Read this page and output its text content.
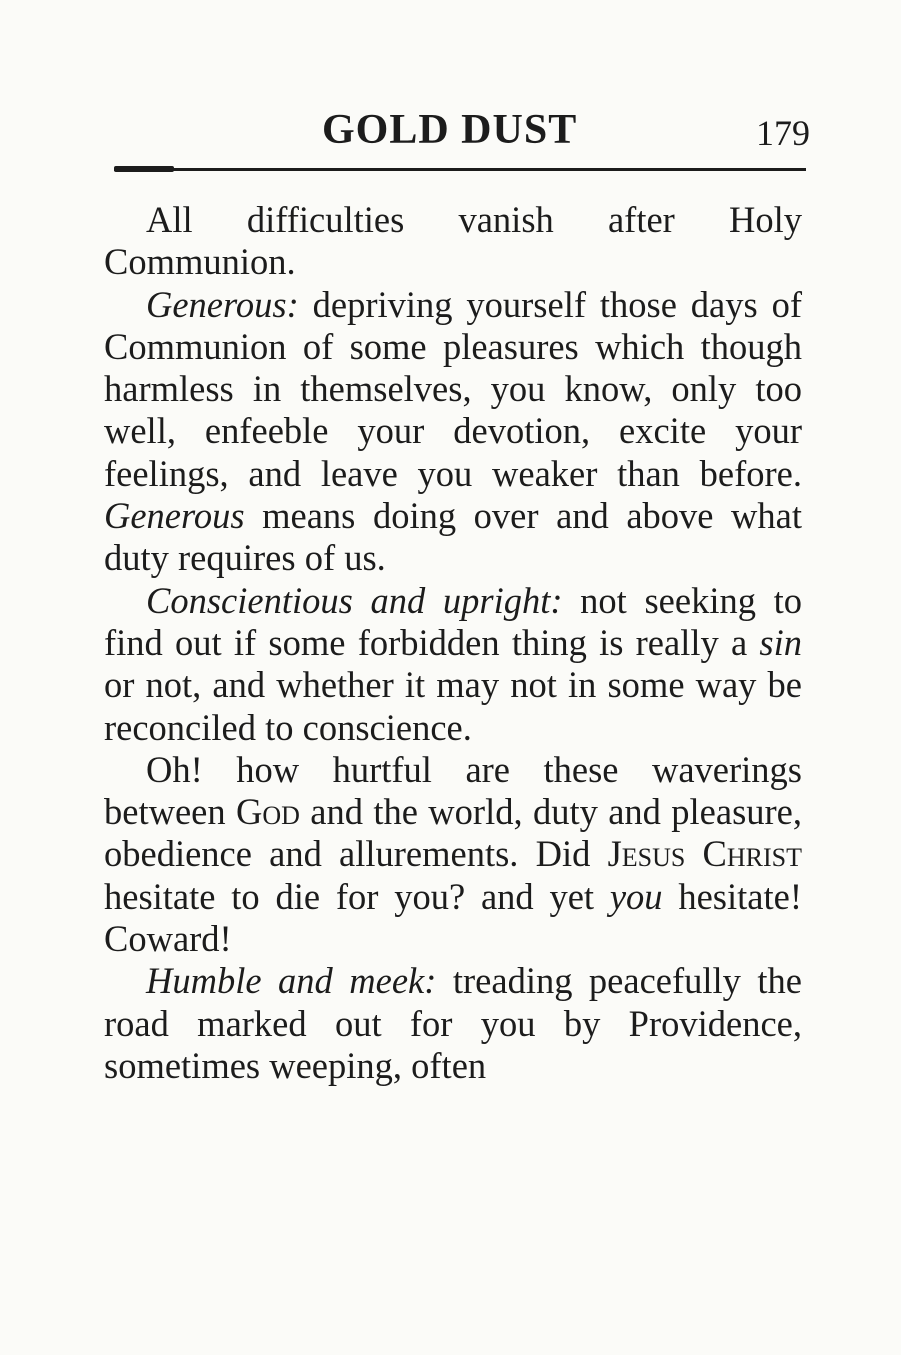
GOLD DUST	179

All difficulties vanish after Holy Communion.

Generous: depriving yourself those days of Communion of some pleasures which though harmless in themselves, you know, only too well, enfeeble your devotion, excite your feelings, and leave you weaker than before. Generous means doing over and above what duty requires of us.

Conscientious and upright: not seeking to find out if some forbidden thing is really a sin or not, and whether it may not in some way be reconciled to conscience.

Oh! how hurtful are these waverings between God and the world, duty and pleasure, obedience and allurements. Did Jesus Christ hesitate to die for you? and yet you hesitate! Coward!

Humble and meek: treading peacefully the road marked out for you by Providence, sometimes weeping, often
